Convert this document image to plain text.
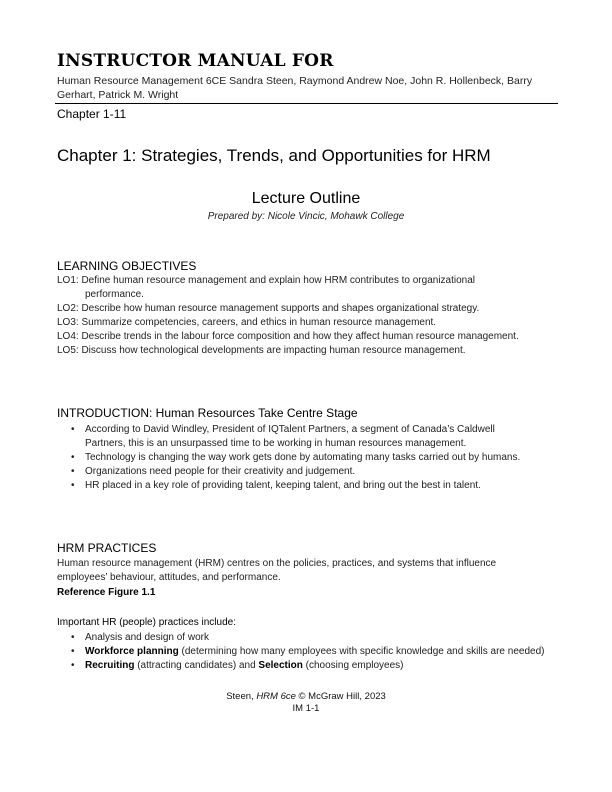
INSTRUCTOR MANUAL FOR
Human Resource Management 6CE Sandra Steen, Raymond Andrew Noe, John R. Hollenbeck, Barry Gerhart, Patrick M. Wright
Chapter 1-11
Chapter 1: Strategies, Trends, and Opportunities for HRM
Lecture Outline
Prepared by: Nicole Vincic, Mohawk College
LEARNING OBJECTIVES
LO1: Define human resource management and explain how HRM contributes to organizational performance.
LO2: Describe how human resource management supports and shapes organizational strategy.
LO3: Summarize competencies, careers, and ethics in human resource management.
LO4: Describe trends in the labour force composition and how they affect human resource management.
LO5: Discuss how technological developments are impacting human resource management.
INTRODUCTION: Human Resources Take Centre Stage
• According to David Windley, President of IQTalent Partners, a segment of Canada’s Caldwell Partners, this is an unsurpassed time to be working in human resources management.
• Technology is changing the way work gets done by automating many tasks carried out by humans.
• Organizations need people for their creativity and judgement.
• HR placed in a key role of providing talent, keeping talent, and bring out the best in talent.
HRM PRACTICES
Human resource management (HRM) centres on the policies, practices, and systems that influence employees’ behaviour, attitudes, and performance.
Reference Figure 1.1
Important HR (people) practices include:
• Analysis and design of work
• Workforce planning (determining how many employees with specific knowledge and skills are needed)
• Recruiting (attracting candidates) and Selection (choosing employees)
Steen, HRM 6ce © McGraw Hill, 2023
IM 1-1
